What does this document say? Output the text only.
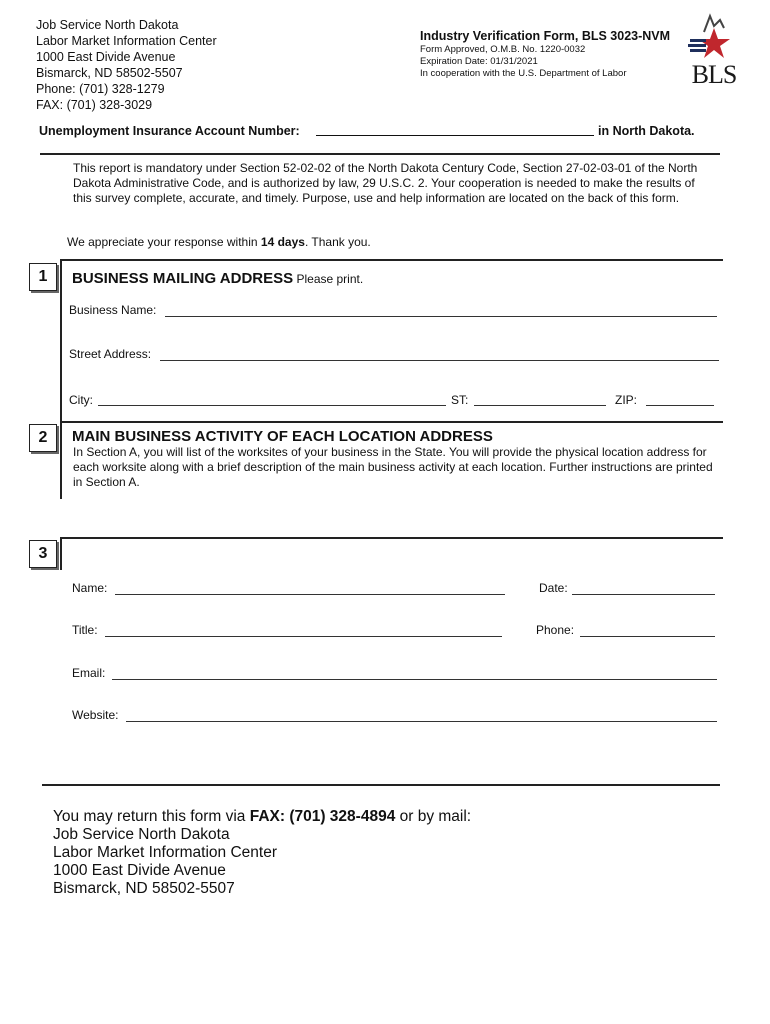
Job Service North Dakota
Labor Market Information Center
1000 East Divide Avenue
Bismarck, ND 58502-5507
Phone: (701) 328-1279
FAX: (701) 328-3029
Industry Verification Form, BLS 3023-NVM
Form Approved, O.M.B. No. 1220-0032
Expiration Date: 01/31/2021
In cooperation with the U.S. Department of Labor	BLS
Unemployment Insurance Account Number:	in North Dakota.
This report is mandatory under Section 52-02-02 of the North Dakota Century Code, Section 27-02-03-01 of the North Dakota Administrative Code, and is authorized by law, 29 U.S.C. 2. Your cooperation is needed to make the results of this survey complete, accurate, and timely. Purpose, use and help information are located on the back of this form.
We appreciate your response within 14 days. Thank you.
1	BUSINESS MAILING ADDRESS Please print.
Business Name:
Street Address:
City:	ST:	ZIP:
2	MAIN BUSINESS ACTIVITY OF EACH LOCATION ADDRESS
In Section A, you will list of the worksites of your business in the State. You will provide the physical location address for each worksite along with a brief description of the main business activity at each location. Further instructions are printed in Section A.
3
Name:	Date:
Title:	Phone:
Email:
Website:
You may return this form via FAX: (701) 328-4894 or by mail:
Job Service North Dakota
Labor Market Information Center
1000 East Divide Avenue
Bismarck, ND 58502-5507
